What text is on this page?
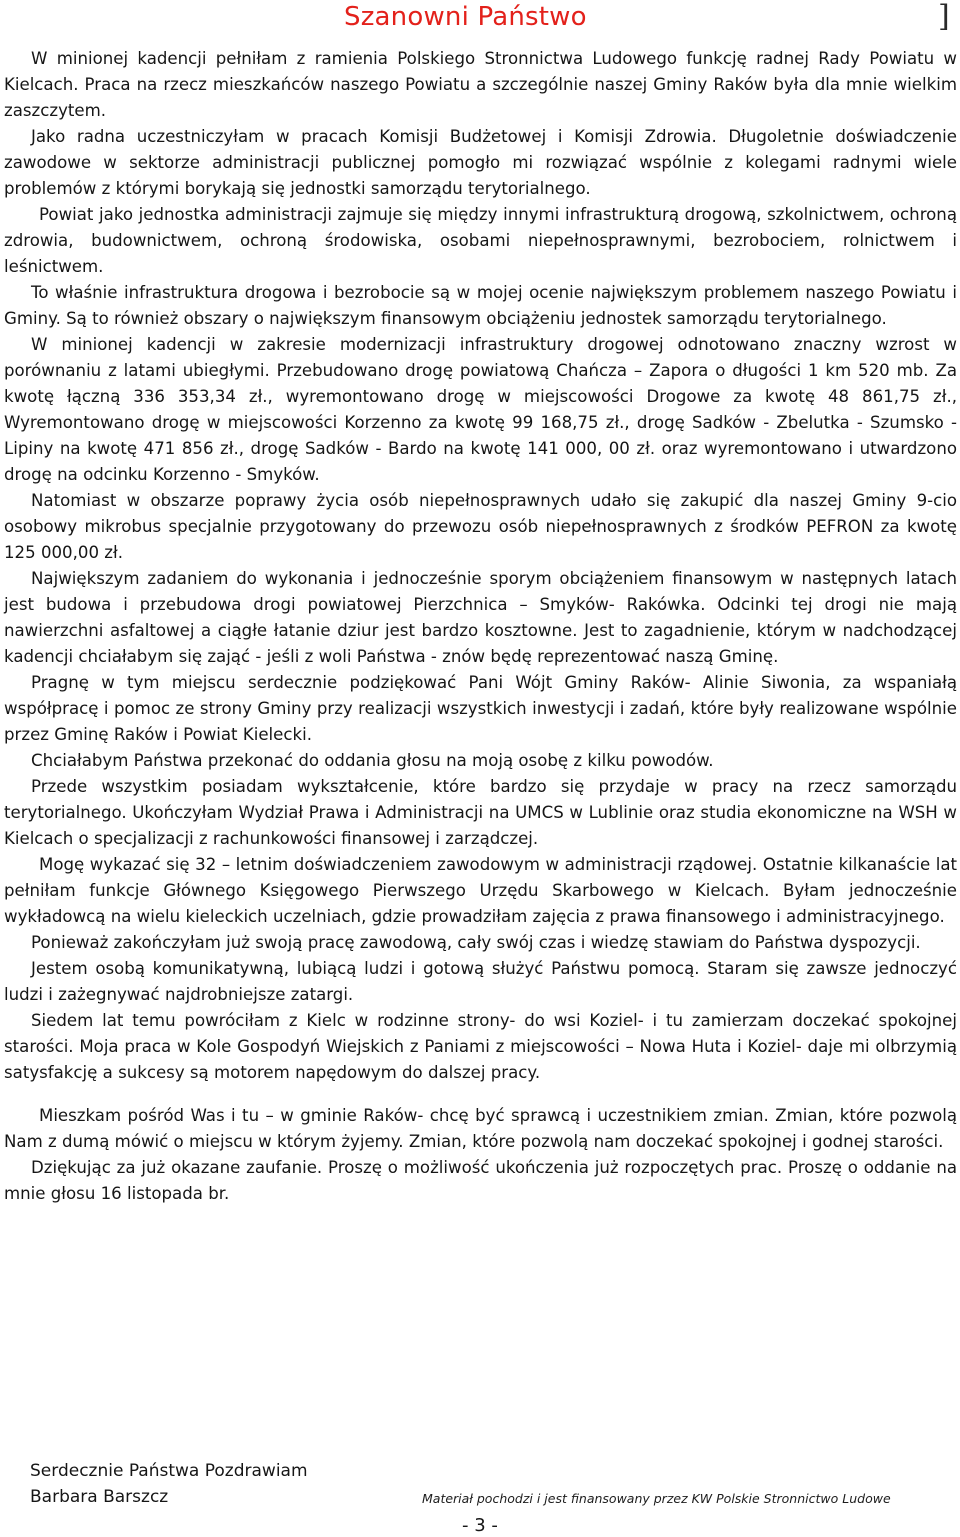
Szanowni Państwo	]

W minionej kadencji pełniłam z ramienia Polskiego Stronnictwa Ludowego funkcję radnej Rady Powiatu w Kielcach. Praca na rzecz mieszkańców naszego Powiatu a szczególnie naszej Gminy Raków była dla mnie wielkim zaszczytem.

Jako radna uczestniczyłam w pracach Komisji Budżetowej i Komisji Zdrowia. Długoletnie doświadczenie zawodowe w sektorze administracji publicznej pomogło mi rozwiązać wspólnie z kolegami radnymi wiele problemów z którymi borykają się jednostki samorządu terytorialnego.

Powiat jako jednostka administracji zajmuje się między innymi infrastrukturą drogową, szkolnictwem, ochroną zdrowia, budownictwem, ochroną środowiska, osobami niepełnosprawnymi, bezrobociem, rolnictwem i leśnictwem.

To właśnie infrastruktura drogowa i bezrobocie są w mojej ocenie największym problemem naszego Powiatu i Gminy. Są to również obszary o największym finansowym obciążeniu jednostek samorządu terytorialnego.

W minionej kadencji w zakresie modernizacji infrastruktury drogowej odnotowano znaczny wzrost w porównaniu z latami ubiegłymi. Przebudowano drogę powiatową Chańcza – Zapora o długości 1 km 520 mb. Za kwotę łączną 336 353,34 zł., wyremontowano drogę w miejscowości Drogowe za kwotę 48 861,75 zł., Wyremontowano drogę w miejscowości Korzenno za kwotę 99 168,75 zł., drogę Sadków - Zbelutka - Szumsko - Lipiny na kwotę 471 856 zł., drogę Sadków - Bardo na kwotę 141 000, 00 zł. oraz wyremontowano i utwardzono drogę na odcinku Korzenno - Smyków.

Natomiast w obszarze poprawy życia osób niepełnosprawnych udało się zakupić dla naszej Gminy 9-cio osobowy mikrobus specjalnie przygotowany do przewozu osób niepełnosprawnych z środków PEFRON za kwotę 125 000,00 zł.

Największym zadaniem do wykonania i jednocześnie sporym obciążeniem finansowym w następnych latach jest budowa i przebudowa drogi powiatowej Pierzchnica – Smyków- Rakówka. Odcinki tej drogi nie mają nawierzchni asfaltowej a ciągłe łatanie dziur jest bardzo kosztowne. Jest to zagadnienie, którym w nadchodzącej kadencji chciałabym się zająć - jeśli z woli Państwa - znów będę reprezentować naszą Gminę.

Pragnę w tym miejscu serdecznie podziękować Pani Wójt Gminy Raków- Alinie Siwonia, za wspaniałą współpracę i pomoc ze strony Gminy przy realizacji wszystkich inwestycji i zadań, które były realizowane wspólnie przez Gminę Raków i Powiat Kielecki.

Chciałabym Państwa przekonać do oddania głosu na moją osobę z kilku powodów.

Przede wszystkim posiadam wykształcenie, które bardzo się przydaje w pracy na rzecz samorządu terytorialnego. Ukończyłam Wydział Prawa i Administracji na UMCS w Lublinie oraz studia ekonomiczne na WSH w Kielcach o specjalizacji z rachunkowości finansowej i zarządczej.

Mogę wykazać się 32 – letnim doświadczeniem zawodowym w administracji rządowej. Ostatnie kilkanaście lat pełniłam funkcje Głównego Księgowego Pierwszego Urzędu Skarbowego w Kielcach. Byłam jednocześnie wykładowcą na wielu kieleckich uczelniach, gdzie prowadziłam zajęcia z prawa finansowego i administracyjnego.

Ponieważ zakończyłam już swoją pracę zawodową, cały swój czas i wiedzę stawiam do Państwa dyspozycji.

Jestem osobą komunikatywną, lubiącą ludzi i gotową służyć Państwu pomocą. Staram się zawsze jednoczyć ludzi i zażegnywać najdrobniejsze zatargi.

Siedem lat temu powróciłam z Kielc w rodzinne strony- do wsi Koziel- i tu zamierzam doczekać spokojnej starości. Moja praca w Kole Gospodyń Wiejskich z Paniami z miejscowości – Nowa Huta i Koziel- daje mi olbrzymią satysfakcję a sukcesy są motorem napędowym do dalszej pracy.

Mieszkam pośród Was i tu – w gminie Raków- chcę być sprawcą i uczestnikiem zmian. Zmian, które pozwolą Nam z dumą mówić o miejscu w którym żyjemy. Zmian, które pozwolą nam doczekać spokojnej i godnej starości.

Dziękując za już okazane zaufanie. Proszę o możliwość ukończenia już rozpoczętych prac. Proszę o oddanie na mnie głosu 16 listopada br.

Serdecznie Państwa Pozdrawiam
Barbara Barszcz	Materiał pochodzi i jest finansowany przez KW Polskie Stronnictwo Ludowe
- 3 -
